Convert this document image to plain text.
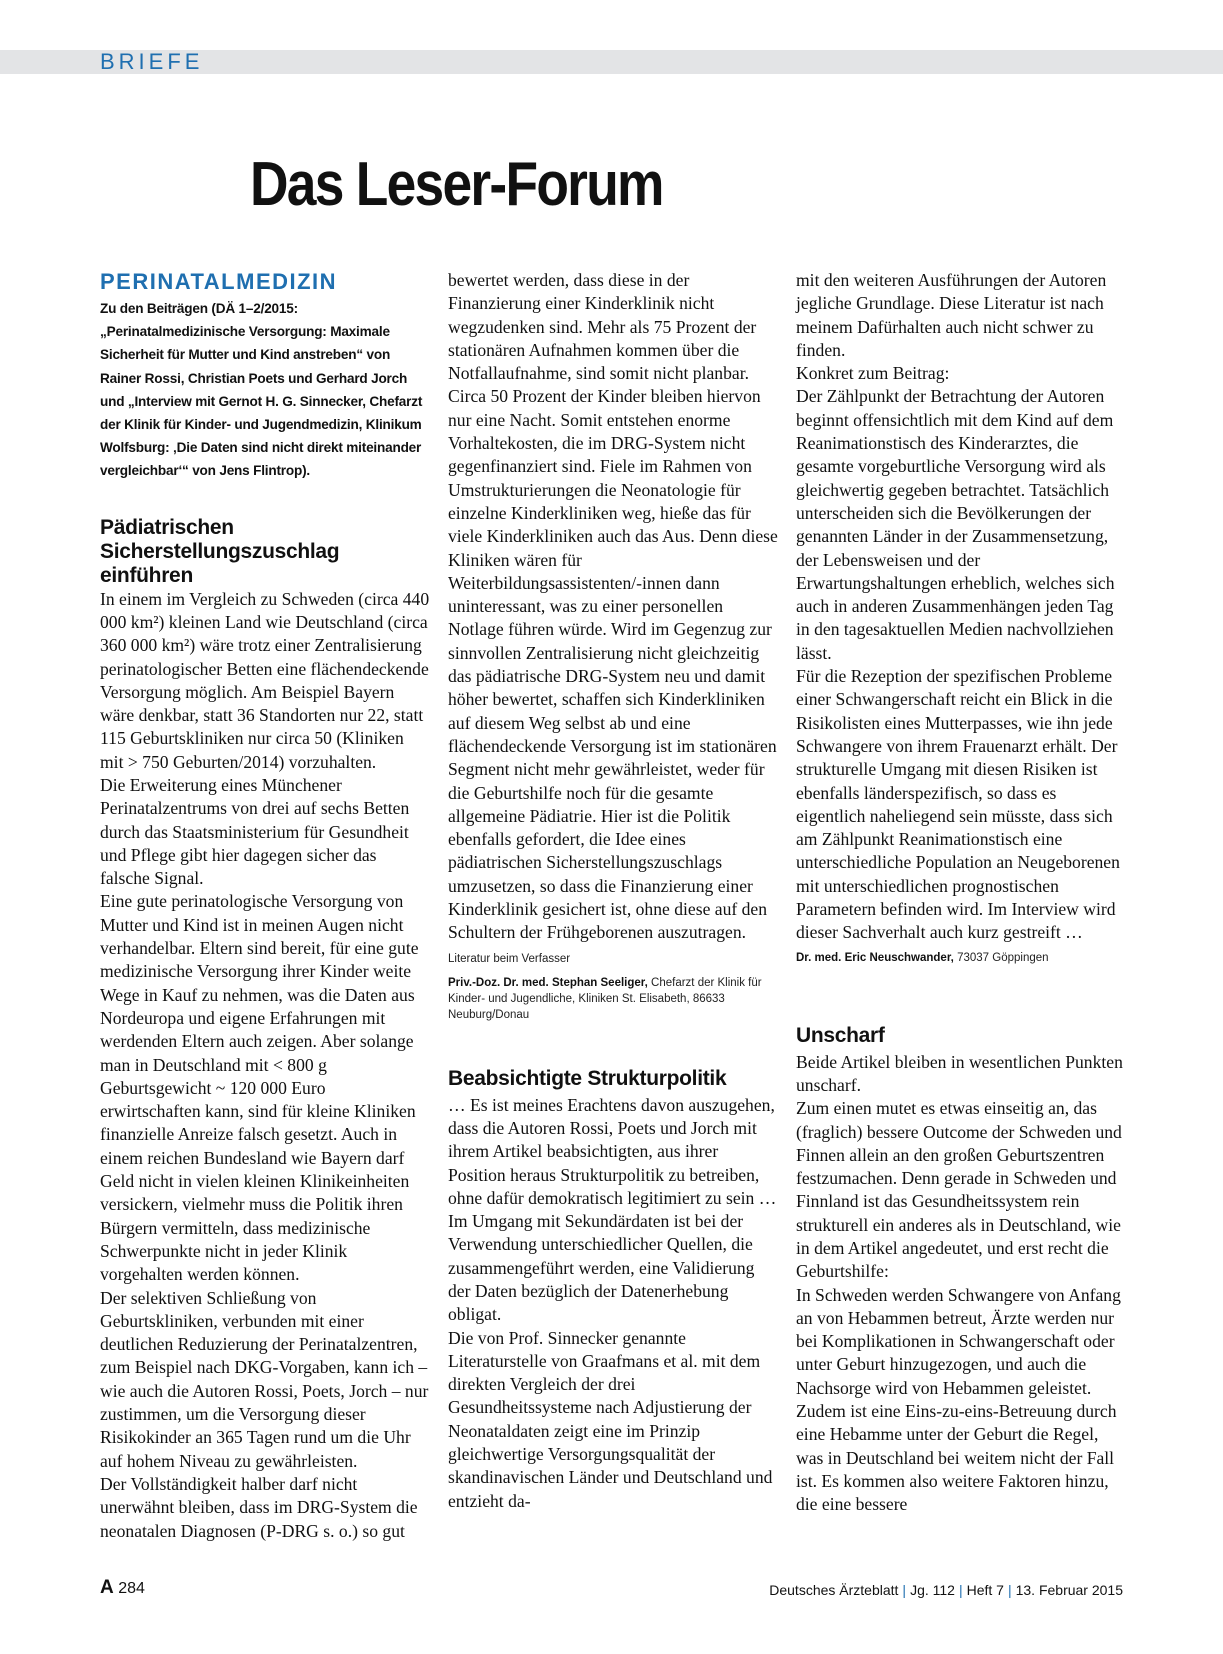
BRIEFE
Das Leser-Forum
PERINATALMEDIZIN
Zu den Beiträgen (DÄ 1–2/2015: „Perinatalmedizinische Versorgung: Maximale Sicherheit für Mutter und Kind anstreben“ von Rainer Rossi, Christian Poets und Gerhard Jorch und „Interview mit Gernot H. G. Sinnecker, Chefarzt der Klinik für Kinder- und Jugendmedizin, Klinikum Wolfsburg: ‚Die Daten sind nicht direkt miteinander vergleichbar‘“ von Jens Flintrop).
Pädiatrischen Sicherstellungszuschlag einführen

In einem im Vergleich zu Schweden (circa 440 000 km²) kleinen Land wie Deutschland (circa 360 000 km²) wäre trotz einer Zentralisierung perinatologischer Betten eine flächendeckende Versorgung möglich. Am Beispiel Bayern wäre denkbar, statt 36 Standorten nur 22, statt 115 Geburtskliniken nur circa 50 (Kliniken mit > 750 Geburten/2014) vorzuhalten.

Die Erweiterung eines Münchener Perinatalzentrums von drei auf sechs Betten durch das Staatsministerium für Gesundheit und Pflege gibt hier dagegen sicher das falsche Signal.

Eine gute perinatologische Versorgung von Mutter und Kind ist in meinen Augen nicht verhandelbar. Eltern sind bereit, für eine gute medizinische Versorgung ihrer Kinder weite Wege in Kauf zu nehmen, was die Daten aus Nordeuropa und eigene Erfahrungen mit werdenden Eltern auch zeigen. Aber solange man in Deutschland mit < 800 g Geburtsgewicht ~ 120 000 Euro erwirtschaften kann, sind für kleine Kliniken finanzielle Anreize falsch gesetzt. Auch in einem reichen Bundesland wie Bayern darf Geld nicht in vielen kleinen Klinikeinheiten versickern, vielmehr muss die Politik ihren Bürgern vermitteln, dass medizinische Schwerpunkte nicht in jeder Klinik vorgehalten werden können.

Der selektiven Schließung von Geburtskliniken, verbunden mit einer deutlichen Reduzierung der Perinatalzentren, zum Beispiel nach DKG-Vorgaben, kann ich – wie auch die Autoren Rossi, Poets, Jorch – nur zustimmen, um die Versorgung dieser Risikokinder an 365 Tagen rund um die Uhr auf hohem Niveau zu gewährleisten.

Der Vollständigkeit halber darf nicht unerwähnt bleiben, dass im DRG-System die neonatalen Diagnosen (P-DRG s. o.) so gut

bewertet werden, dass diese in der Finanzierung einer Kinderklinik nicht wegzudenken sind. Mehr als 75 Prozent der stationären Aufnahmen kommen über die Notfallaufnahme, sind somit nicht planbar. Circa 50 Prozent der Kinder bleiben hiervon nur eine Nacht. Somit entstehen enorme Vorhaltekosten, die im DRG-System nicht gegenfinanziert sind. Fiele im Rahmen von Umstrukturierungen die Neonatologie für einzelne Kinderkliniken weg, hieße das für viele Kinderkliniken auch das Aus. Denn diese Kliniken wären für Weiterbildungsassistenten/-innen dann uninteressant, was zu einer personellen Notlage führen würde. Wird im Gegenzug zur sinnvollen Zentralisierung nicht gleichzeitig das pädiatrische DRG-System neu und damit höher bewertet, schaffen sich Kinderkliniken auf diesem Weg selbst ab und eine flächendeckende Versorgung ist im stationären Segment nicht mehr gewährleistet, weder für die Geburtshilfe noch für die gesamte allgemeine Pädiatrie. Hier ist die Politik ebenfalls gefordert, die Idee eines pädiatrischen Sicherstellungszuschlags umzusetzen, so dass die Finanzierung einer Kinderklinik gesichert ist, ohne diese auf den Schultern der Frühgeborenen auszutragen.

Literatur beim Verfasser
Priv.-Doz. Dr. med. Stephan Seeliger, Chefarzt der Klinik für Kinder- und Jugendliche, Kliniken St. Elisabeth, 86633 Neuburg/Donau
Beabsichtigte Strukturpolitik

… Es ist meines Erachtens davon auszugehen, dass die Autoren Rossi, Poets und Jorch mit ihrem Artikel beabsichtigten, aus ihrer Position heraus Strukturpolitik zu betreiben, ohne dafür demokratisch legitimiert zu sein …

Im Umgang mit Sekundärdaten ist bei der Verwendung unterschiedlicher Quellen, die zusammengeführt werden, eine Validierung der Daten bezüglich der Datenerhebung obligat.

Die von Prof. Sinnecker genannte Literaturstelle von Graafmans et al. mit dem direkten Vergleich der drei Gesundheitssysteme nach Adjustierung der Neonataldaten zeigt eine im Prinzip gleichwertige Versorgungsqualität der skandinavischen Länder und Deutschland und entzieht da-

mit den weiteren Ausführungen der Autoren jegliche Grundlage. Diese Literatur ist nach meinem Dafürhalten auch nicht schwer zu finden.

Konkret zum Beitrag:

Der Zählpunkt der Betrachtung der Autoren beginnt offensichtlich mit dem Kind auf dem Reanimationstisch des Kinderarztes, die gesamte vorgeburtliche Versorgung wird als gleichwertig gegeben betrachtet. Tatsächlich unterscheiden sich die Bevölkerungen der genannten Länder in der Zusammensetzung, der Lebensweisen und der Erwartungshaltungen erheblich, welches sich auch in anderen Zusammenhängen jeden Tag in den tagesaktuellen Medien nachvollziehen lässt.

Für die Rezeption der spezifischen Probleme einer Schwangerschaft reicht ein Blick in die Risikolisten eines Mutterpasses, wie ihn jede Schwangere von ihrem Frauenarzt erhält. Der strukturelle Umgang mit diesen Risiken ist ebenfalls länderspezifisch, so dass es eigentlich naheliegend sein müsste, dass sich am Zählpunkt Reanimationstisch eine unterschiedliche Population an Neugeborenen mit unterschiedlichen prognostischen Parametern befinden wird. Im Interview wird dieser Sachverhalt auch kurz gestreift …

Dr. med. Eric Neuschwander, 73037 Göppingen
Unscharf

Beide Artikel bleiben in wesentlichen Punkten unscharf.

Zum einen mutet es etwas einseitig an, das (fraglich) bessere Outcome der Schweden und Finnen allein an den großen Geburtszentren festzumachen. Denn gerade in Schweden und Finnland ist das Gesundheitssystem rein strukturell ein anderes als in Deutschland, wie in dem Artikel angedeutet, und erst recht die Geburtshilfe:

In Schweden werden Schwangere von Anfang an von Hebammen betreut, Ärzte werden nur bei Komplikationen in Schwangerschaft oder unter Geburt hinzugezogen, und auch die Nachsorge wird von Hebammen geleistet. Zudem ist eine Eins-zu-eins-Betreuung durch eine Hebamme unter der Geburt die Regel, was in Deutschland bei weitem nicht der Fall ist. Es kommen also weitere Faktoren hinzu, die eine bessere

A 284	Deutsches Ärzteblatt | Jg. 112 | Heft 7 | 13. Februar 2015
